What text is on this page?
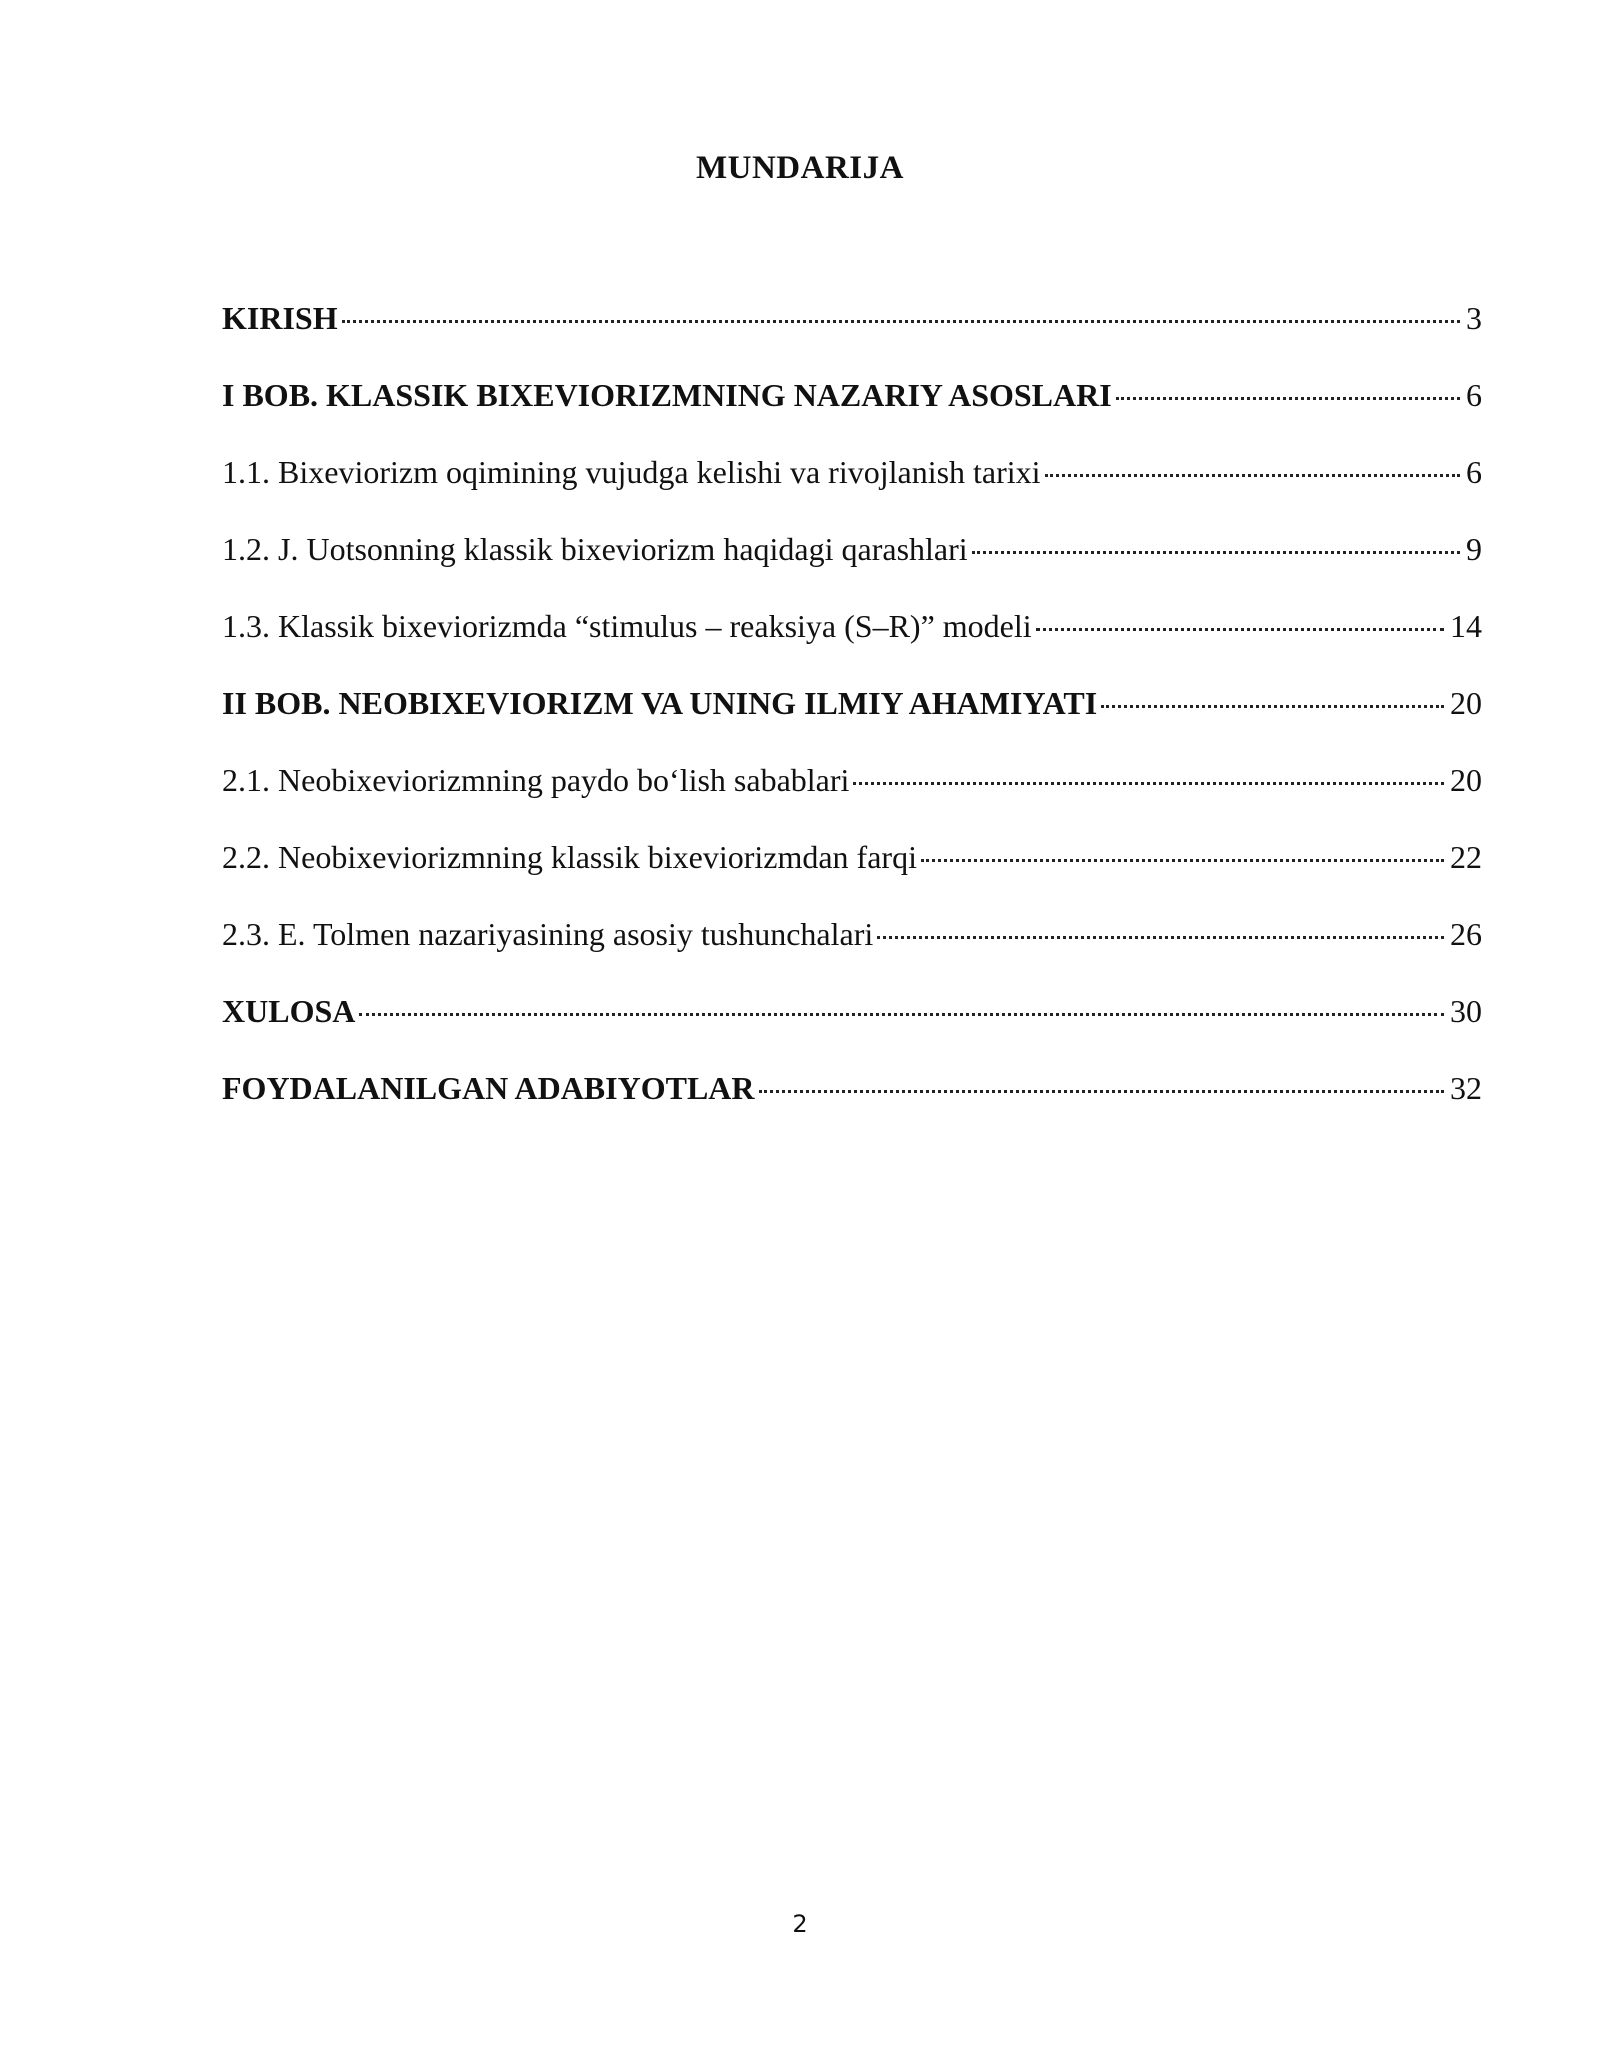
MUNDARIJA
KIRISH	3
I BOB. KLASSIK BIXEVIORIZMNING NAZARIY ASOSLARI	6
1.1. Bixeviorizm oqimining vujudga kelishi va rivojlanish tarixi	6
1.2. J. Uotsonning klassik bixeviorizm haqidagi qarashlari	9
1.3. Klassik bixeviorizmda “stimulus – reaksiya (S–R)” modeli	14
II BOB. NEOBIXEVIORIZM VA UNING ILMIY AHAMIYATI	20
2.1. Neobixeviorizmning paydo bo‘lish sabablari	20
2.2. Neobixeviorizmning klassik bixeviorizmdan farqi	22
2.3. E. Tolmen nazariyasining asosiy tushunchalari	26
XULOSA	30
FOYDALANILGAN ADABIYOTLAR	32
2
